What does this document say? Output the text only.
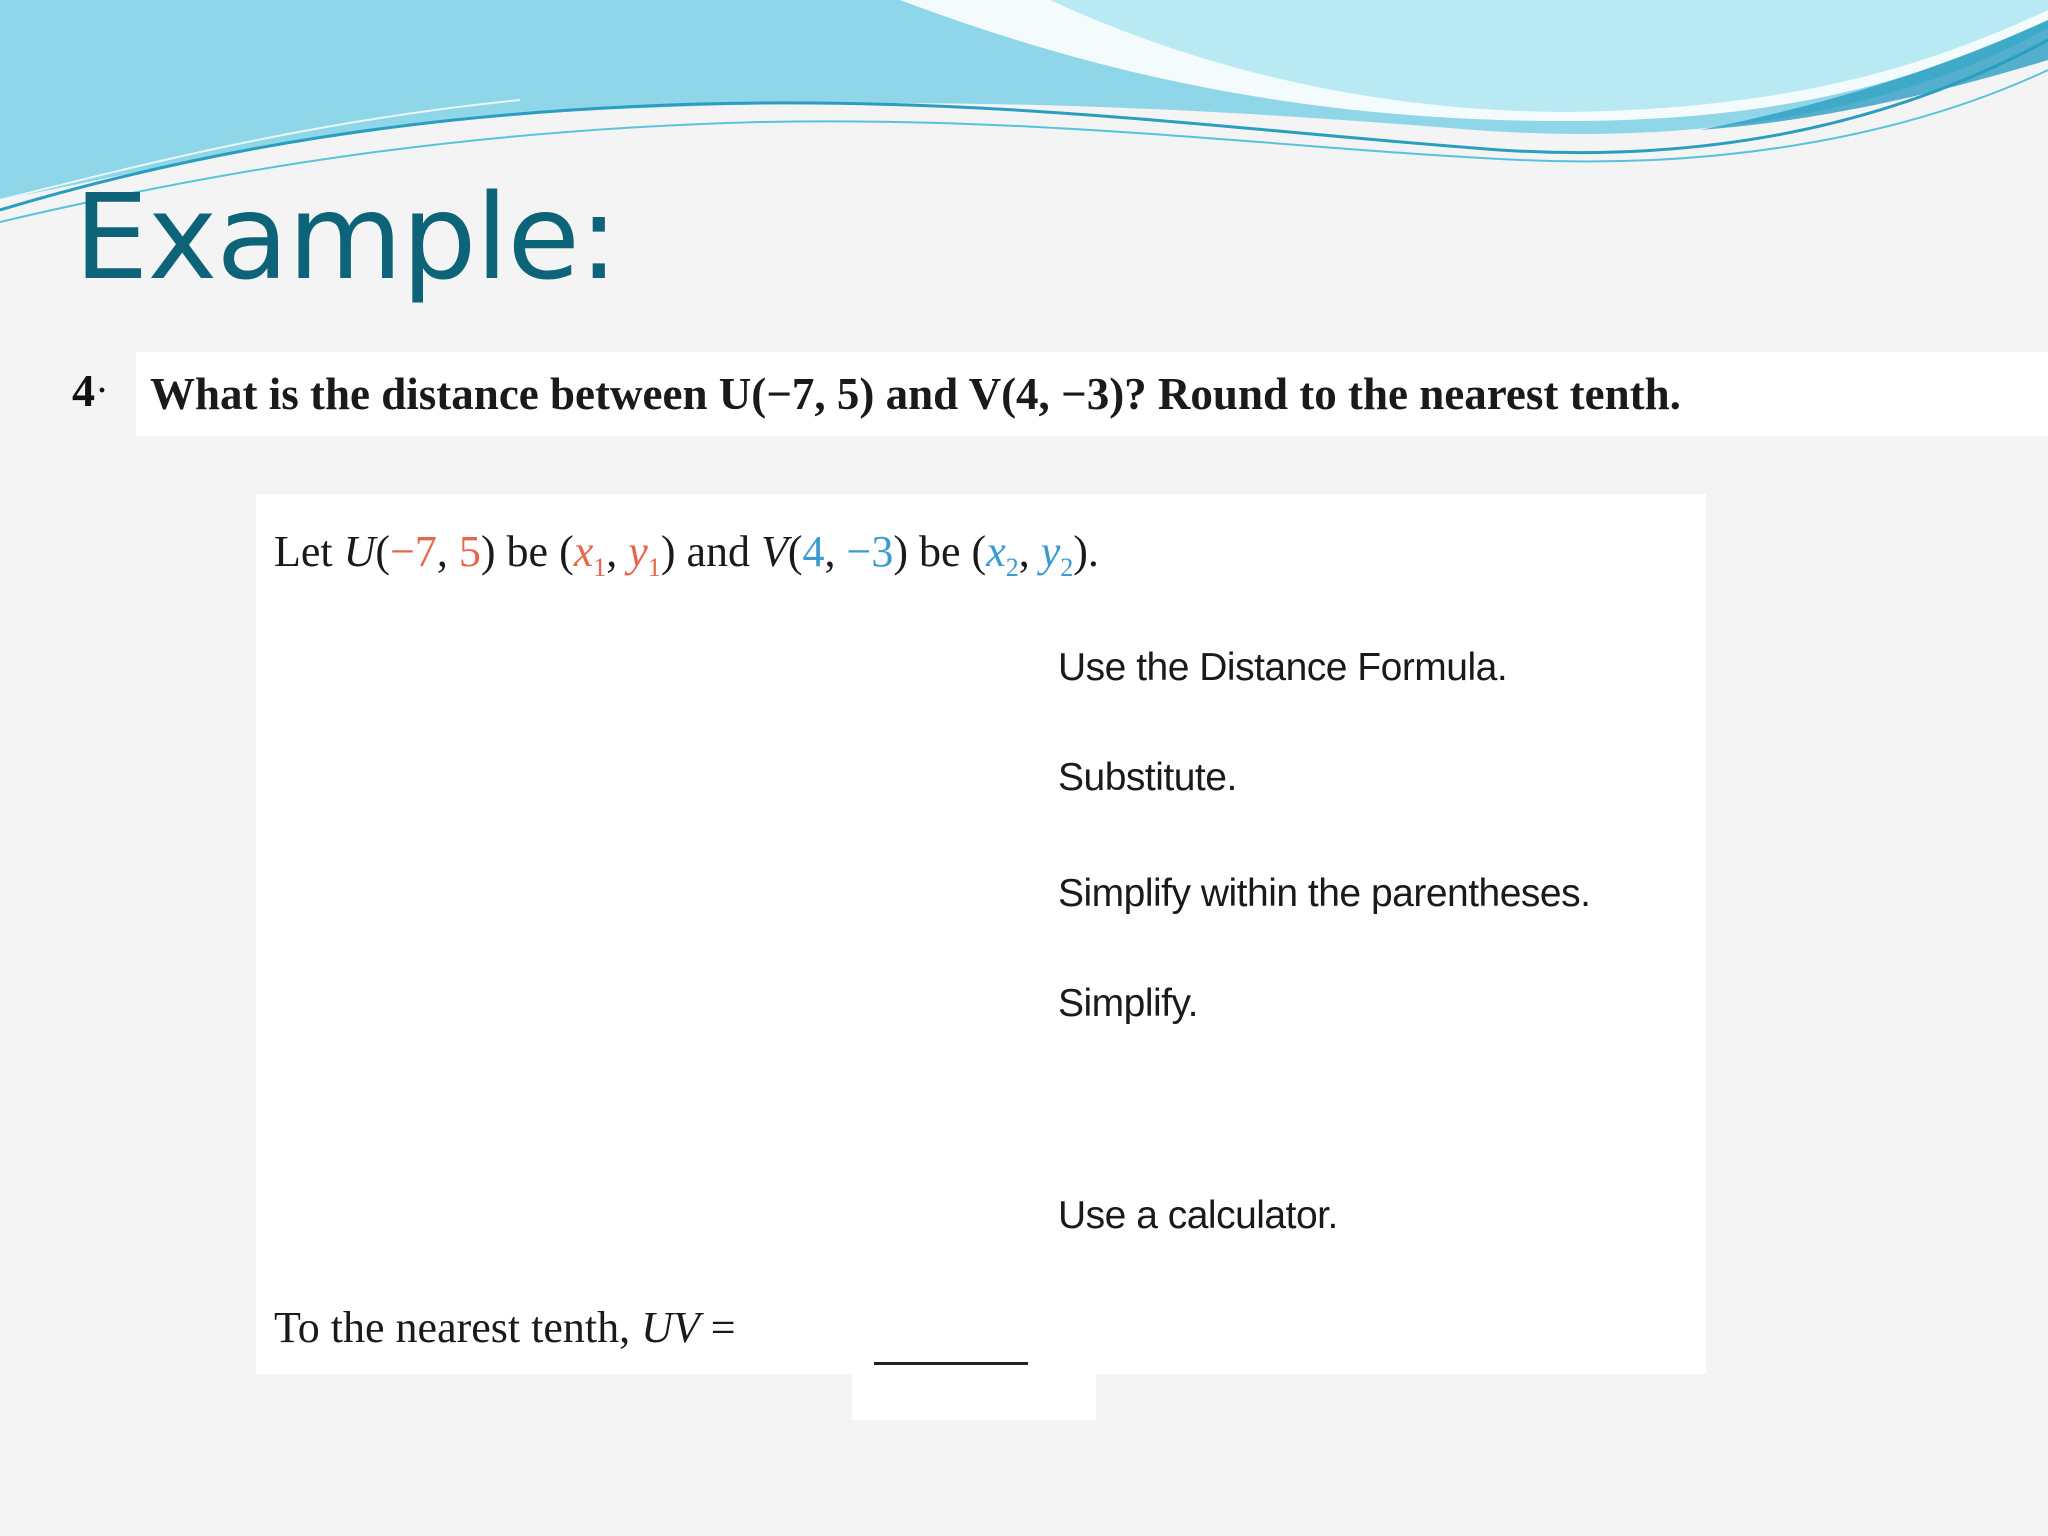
Example:
4· What is the distance between U(−7, 5) and V(4, −3)? Round to the nearest tenth.
Let U(−7, 5) be ($x_1$, $y_1$) and V(4, −3) be ($x_2$, $y_2$).
Use the Distance Formula.
Substitute.
Simplify within the parentheses.
Simplify.
Use a calculator.
To the nearest tenth, UV =
